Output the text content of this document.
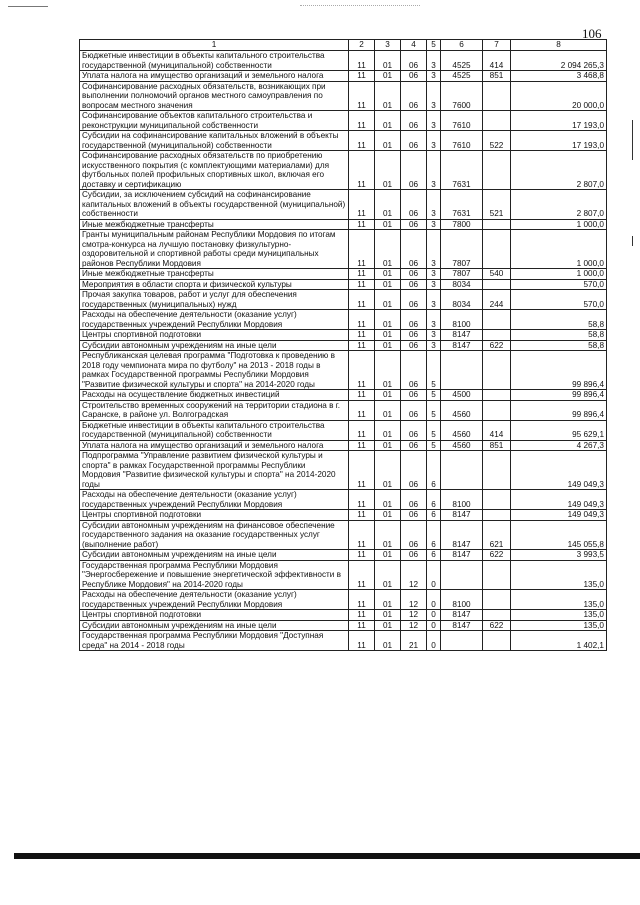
106
1	2	3	4	5	6	7	8
Бюджетные инвестиции в объекты капитального строительства государственной (муниципальной) собственности	11	01	06	3	4525	414	2 094 265,3
Уплата налога на имущество организаций и земельного налога	11	01	06	3	4525	851	3 468,8
Софинансирование расходных обязательств, возникающих при выполнении полномочий органов местного самоуправления по вопросам местного значения	11	01	06	3	7600		20 000,0
Софинансирование объектов капитального строительства и реконструкции муниципальной собственности	11	01	06	3	7610		17 193,0
Субсидии на софинансирование капитальных вложений в объекты государственной (муниципальной) собственности	11	01	06	3	7610	522	17 193,0
Софинансирование расходных обязательств по приобретению искусственного покрытия (с комплектующими материалами) для футбольных полей профильных спортивных школ, включая его доставку и сертификацию	11	01	06	3	7631		2 807,0
Субсидии, за исключением субсидий на софинансирование капитальных вложений в объекты государственной (муниципальной) собственности	11	01	06	3	7631	521	2 807,0
Иные межбюджетные трансферты	11	01	06	3	7800		1 000,0
Гранты муниципальным районам Республики Мордовия по итогам смотра-конкурса на лучшую постановку физкультурно-оздоровительной и спортивной работы среди муниципальных районов Республики Мордовия	11	01	06	3	7807		1 000,0
Иные межбюджетные трансферты	11	01	06	3	7807	540	1 000,0
Мероприятия в области спорта и физической культуры	11	01	06	3	8034		570,0
Прочая закупка товаров, работ и услуг для обеспечения государственных (муниципальных) нужд	11	01	06	3	8034	244	570,0
Расходы на обеспечение деятельности (оказание услуг) государственных учреждений Республики Мордовия	11	01	06	3	8100		58,8
Центры спортивной подготовки	11	01	06	3	8147		58,8
Субсидии автономным учреждениям на иные цели	11	01	06	3	8147	622	58,8
Республиканская целевая программа "Подготовка к проведению в 2018 году чемпионата мира по футболу" на 2013 - 2018 годы в рамках Государственной программы Республики Мордовия "Развитие физической культуры и спорта" на 2014-2020 годы	11	01	06	5			99 896,4
Расходы на осуществление бюджетных инвестиций	11	01	06	5	4500		99 896,4
Строительство временных сооружений на территории стадиона в г. Саранске, в районе ул. Волгоградская	11	01	06	5	4560		99 896,4
Бюджетные инвестиции в объекты капитального строительства государственной (муниципальной) собственности	11	01	06	5	4560	414	95 629,1
Уплата налога на имущество организаций и земельного налога	11	01	06	5	4560	851	4 267,3
Подпрограмма "Управление развитием физической культуры и спорта" в рамках Государственной программы Республики Мордовия "Развитие физической культуры и спорта" на 2014-2020 годы	11	01	06	6			149 049,3
Расходы на обеспечение деятельности (оказание услуг) государственных учреждений Республики Мордовия	11	01	06	6	8100		149 049,3
Центры спортивной подготовки	11	01	06	6	8147		149 049,3
Субсидии автономным учреждениям на финансовое обеспечение государственного задания на оказание государственных услуг (выполнение работ)	11	01	06	6	8147	621	145 055,8
Субсидии автономным учреждениям на иные цели	11	01	06	6	8147	622	3 993,5
Государственная программа Республики Мордовия "Энергосбережение и повышение энергетической эффективности в Республике Мордовия" на 2014-2020 годы	11	01	12	0			135,0
Расходы на обеспечение деятельности (оказание услуг) государственных учреждений Республики Мордовия	11	01	12	0	8100		135,0
Центры спортивной подготовки	11	01	12	0	8147		135,0
Субсидии автономным учреждениям на иные цели	11	01	12	0	8147	622	135,0
Государственная программа Республики Мордовия "Доступная среда" на 2014 - 2018 годы	11	01	21	0			1 402,1
